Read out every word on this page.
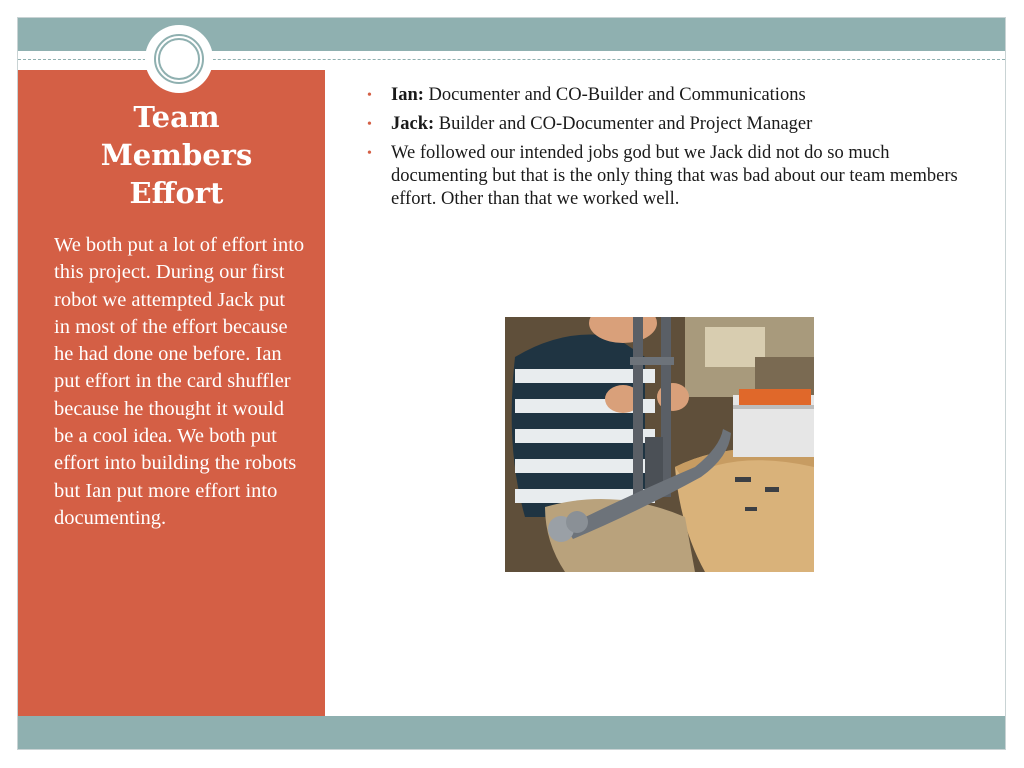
Team
Members
Effort

We both put a lot of effort into this project. During our first robot we attempted Jack put in most of the effort because he had done one before. Ian put effort in the card shuffler because he thought it would be a cool idea. We both put effort into building the robots but Ian put more effort into documenting.

• Ian: Documenter and CO-Builder and Communications
• Jack: Builder and CO-Documenter and Project Manager
• We followed our intended jobs god but we Jack did not do so much documenting but that is the only thing that was bad about our team members effort. Other than that we worked well.
